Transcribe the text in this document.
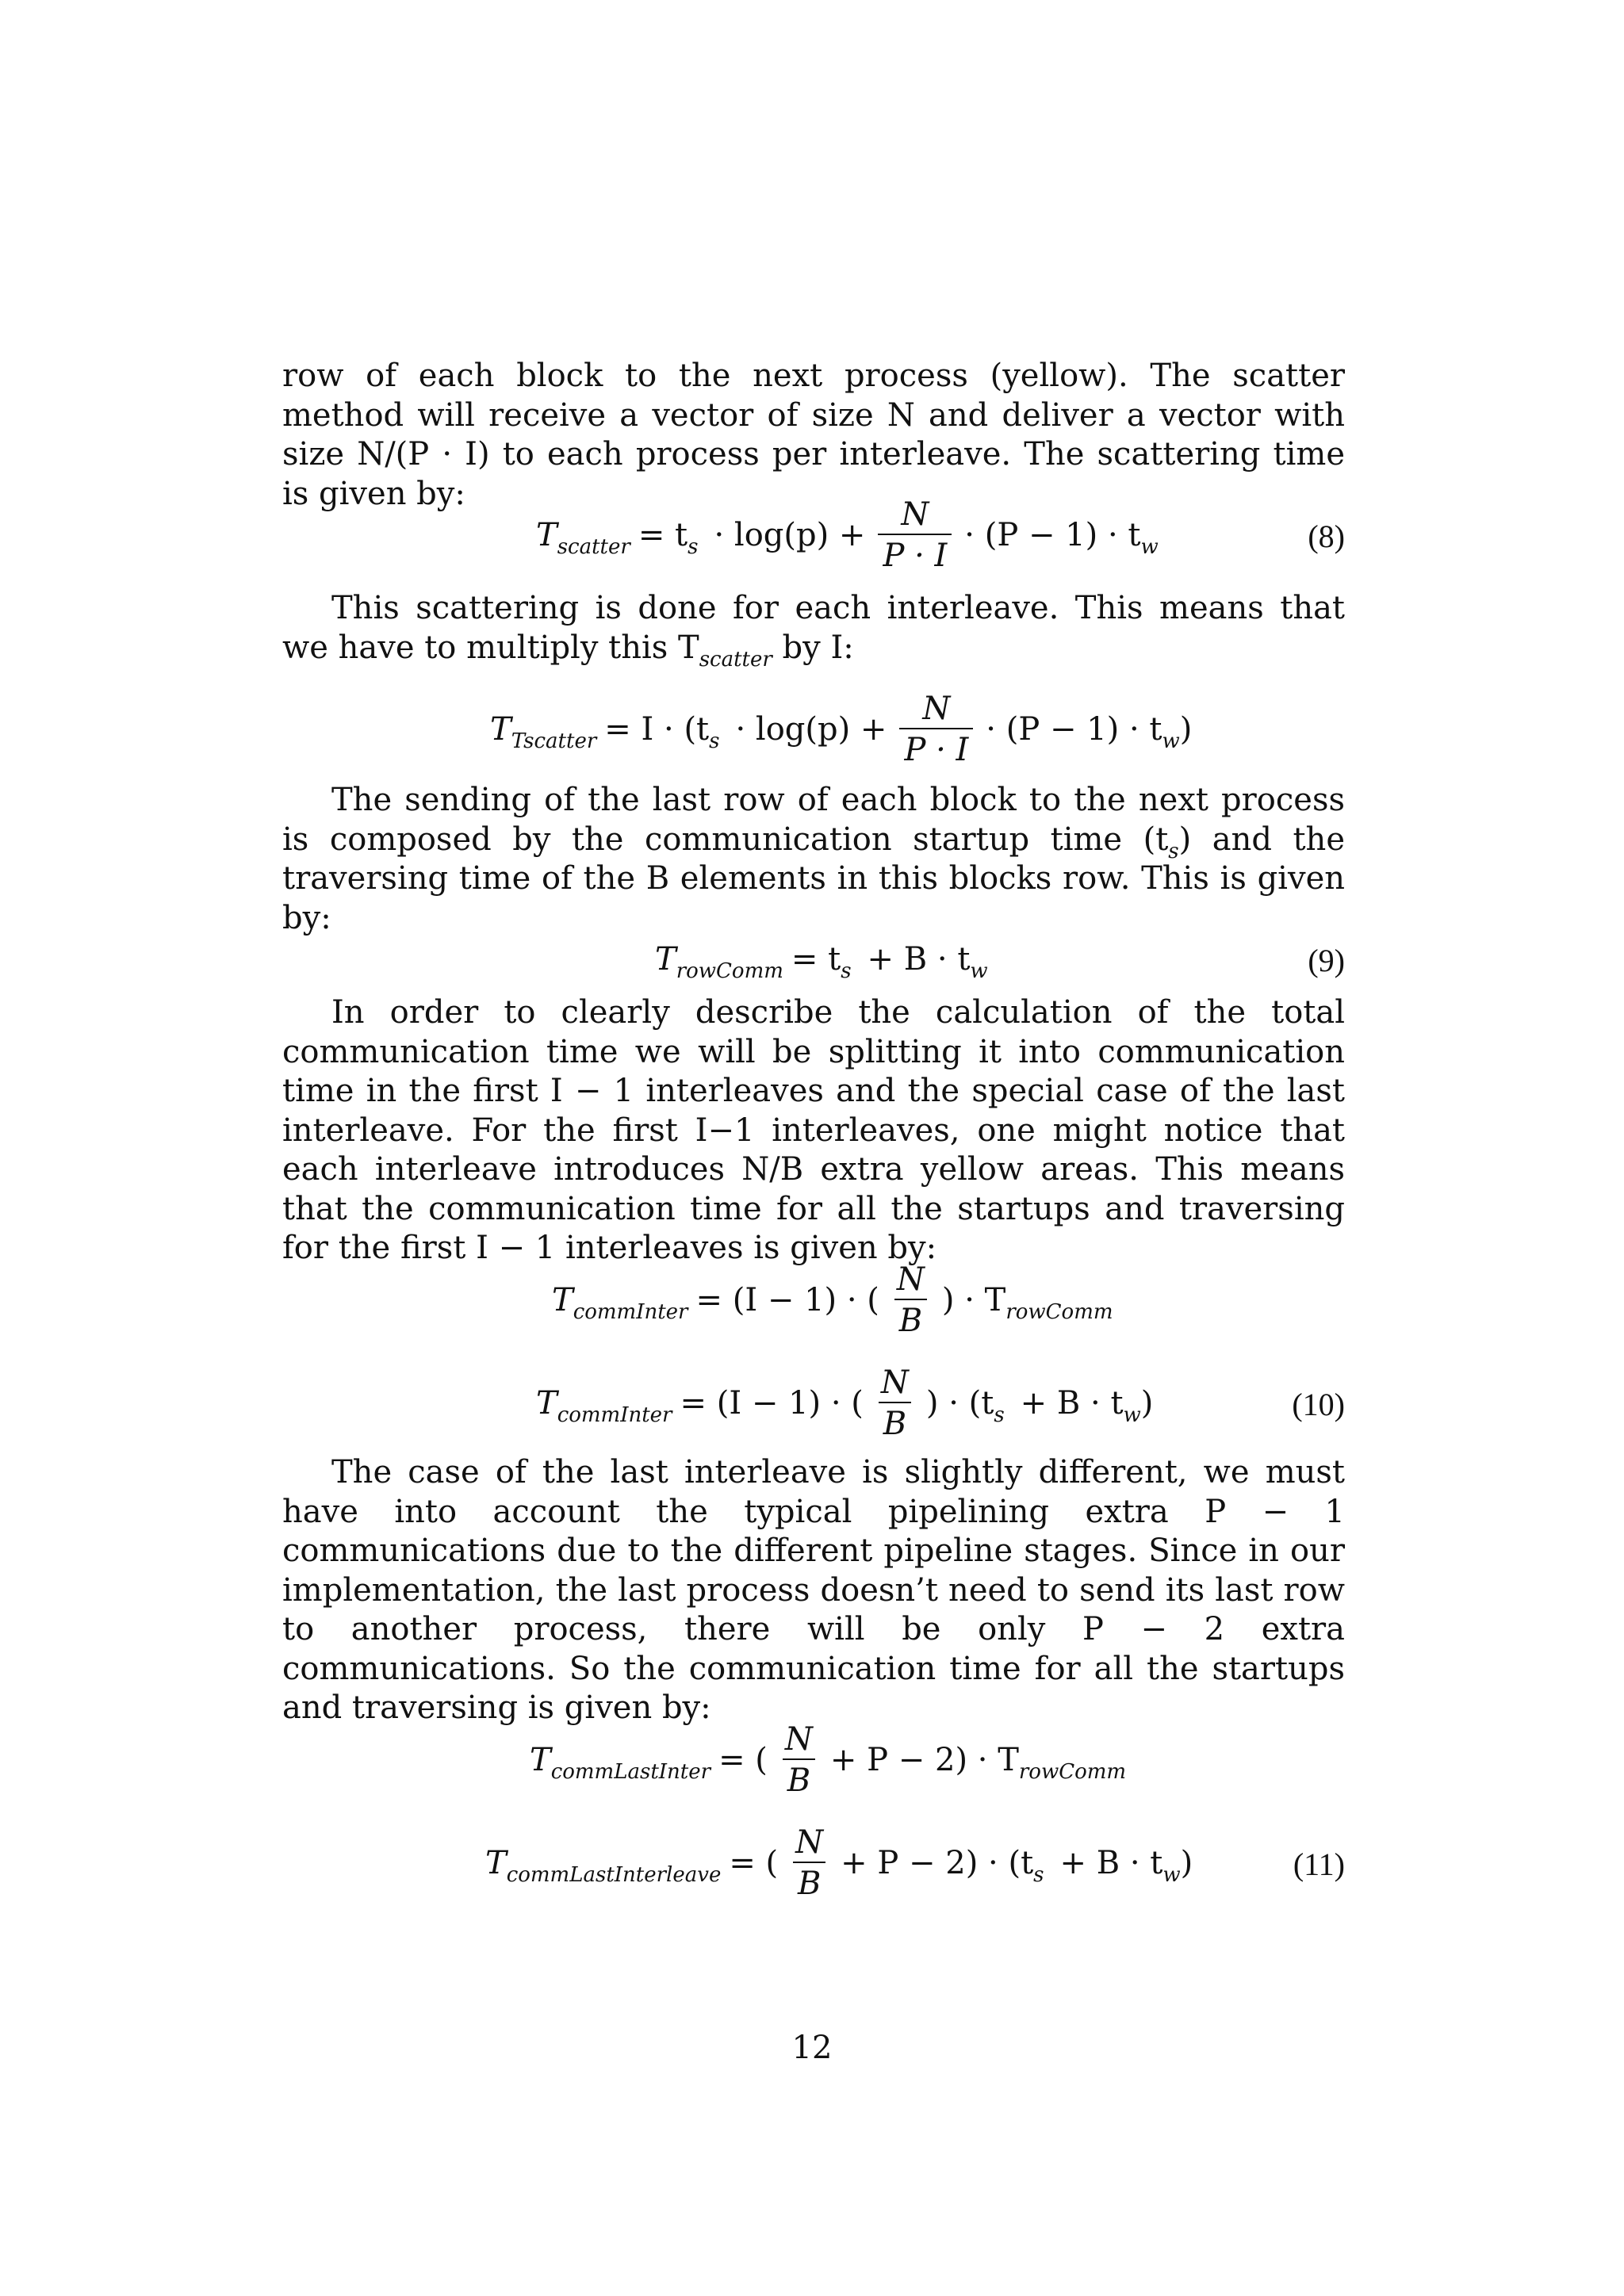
row of each block to the next process (yellow). The scatter method will receive a vector of size N and deliver a vector with size N/(P · I) to each process per interleave. The scattering time is given by:
$T_{scatter} = t_s \cdot \log(p) + \frac{N}{P \cdot I} \cdot (P - 1) \cdot t_w$	(8)
This scattering is done for each interleave. This means that we have to multiply this $T_{scatter}$ by I:
$T_{Tscatter} = I \cdot (t_s \cdot \log(p) + \frac{N}{P \cdot I} \cdot (P - 1) \cdot t_w)$
The sending of the last row of each block to the next process is composed by the communication startup time $(t_s)$ and the traversing time of the B elements in this blocks row. This is given by:
$T_{rowComm} = t_s + B \cdot t_w$	(9)
In order to clearly describe the calculation of the total communication time we will be splitting it into communication time in the first I − 1 interleaves and the special case of the last interleave. For the first I−1 interleaves, one might notice that each interleave introduces N/B extra yellow areas. This means that the communication time for all the startups and traversing for the first I − 1 interleaves is given by:
$T_{commInter} = (I - 1)$ · ( $\frac{N}{B}$ ) · $T_{rowComm}$
$T_{commInter} = (I - 1)$ · ( $\frac{N}{B}$ ) · $(t_s + B \cdot t_w)$	(10)
The case of the last interleave is slightly different, we must have into account the typical pipelining extra P − 1 communications due to the different pipeline stages. Since in our implementation, the last process doesn’t need to send its last row to another process, there will be only P − 2 extra communications. So the communication time for all the startups and traversing is given by:
$T_{commLastInter}$ = ( $\frac{N}{B} + P - 2) \cdot T_{rowComm}$
$T_{commLastInterleave}$ = ( $\frac{N}{B} + P - 2) \cdot (t_s + B \cdot t_w)$	(11)
12
